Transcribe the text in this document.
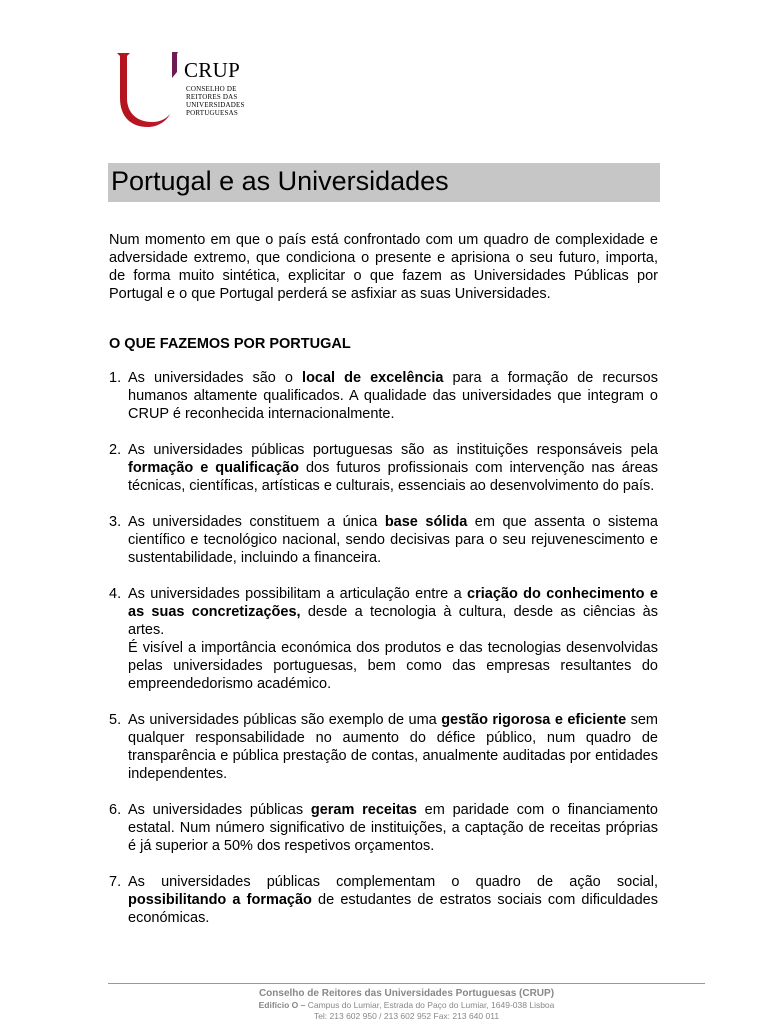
CRUP
CONSELHO DE
REITORES DAS
UNIVERSIDADES
PORTUGUESAS
Portugal e as Universidades

Num momento em que o país está confrontado com um quadro de complexidade e adversidade extremo, que condiciona o presente e aprisiona o seu futuro, importa, de forma muito sintética, explicitar o que fazem as Universidades Públicas por Portugal e o que Portugal perderá se asfixiar as suas Universidades.

O QUE FAZEMOS POR PORTUGAL
1. As universidades são o local de excelência para a formação de recursos humanos altamente qualificados. A qualidade das universidades que integram o CRUP é reconhecida internacionalmente.

2. As universidades públicas portuguesas são as instituições responsáveis pela formação e qualificação dos futuros profissionais com intervenção nas áreas técnicas, científicas, artísticas e culturais, essenciais ao desenvolvimento do país.

3. As universidades constituem a única base sólida em que assenta o sistema científico e tecnológico nacional, sendo decisivas para o seu rejuvenescimento e sustentabilidade, incluindo a financeira.

4. As universidades possibilitam a articulação entre a criação do conhecimento e as suas concretizações, desde a tecnologia à cultura, desde as ciências às artes.

É visível a importância económica dos produtos e das tecnologias desenvolvidas pelas universidades portuguesas, bem como das empresas resultantes do empreendedorismo académico.

5. As universidades públicas são exemplo de uma gestão rigorosa e eficiente sem qualquer responsabilidade no aumento do défice público, num quadro de transparência e pública prestação de contas, anualmente auditadas por entidades independentes.

6. As universidades públicas geram receitas em paridade com o financiamento estatal. Num número significativo de instituições, a captação de receitas próprias é já superior a 50% dos respetivos orçamentos.

7. As universidades públicas complementam o quadro de ação social, possibilitando a formação de estudantes de estratos sociais com dificuldades económicas.

Conselho de Reitores das Universidades Portuguesas (CRUP)
Edifício O – Campus do Lumiar, Estrada do Paço do Lumiar, 1649-038 Lisboa
Tel: 213 602 950 / 213 602 952 Fax: 213 640 011
